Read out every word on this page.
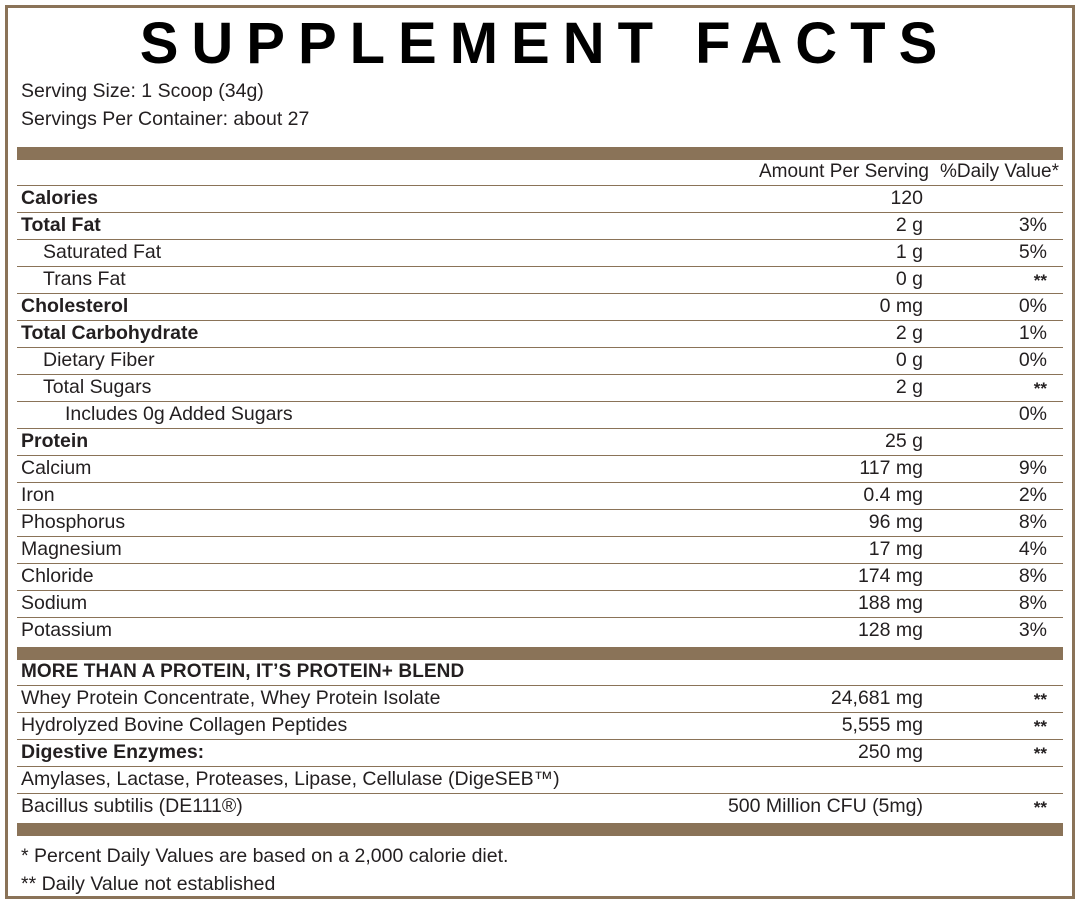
SUPPLEMENT FACTS
Serving Size: 1 Scoop (34g)
Servings Per Container: about 27
	Amount Per Serving	%Daily Value*
Calories	120	
Total Fat	2 g	3%
Saturated Fat	1 g	5%
Trans Fat	0 g	**
Cholesterol	0 mg	0%
Total Carbohydrate	2 g	1%
Dietary Fiber	0 g	0%
Total Sugars	2 g	**
Includes 0g Added Sugars		0%
Protein	25 g	
Calcium	117 mg	9%
Iron	0.4 mg	2%
Phosphorus	96 mg	8%
Magnesium	17 mg	4%
Chloride	174 mg	8%
Sodium	188 mg	8%
Potassium	128 mg	3%
MORE THAN A PROTEIN, IT’S PROTEIN+ BLEND		
Whey Protein Concentrate, Whey Protein Isolate	24,681 mg	**
Hydrolyzed Bovine Collagen Peptides	5,555 mg	**
Digestive Enzymes:	250 mg	**
Amylases, Lactase, Proteases, Lipase, Cellulase (DigeSEB™)		
Bacillus subtilis (DE111®)	500 Million CFU (5mg)	**
* Percent Daily Values are based on a 2,000 calorie diet.
** Daily Value not established
